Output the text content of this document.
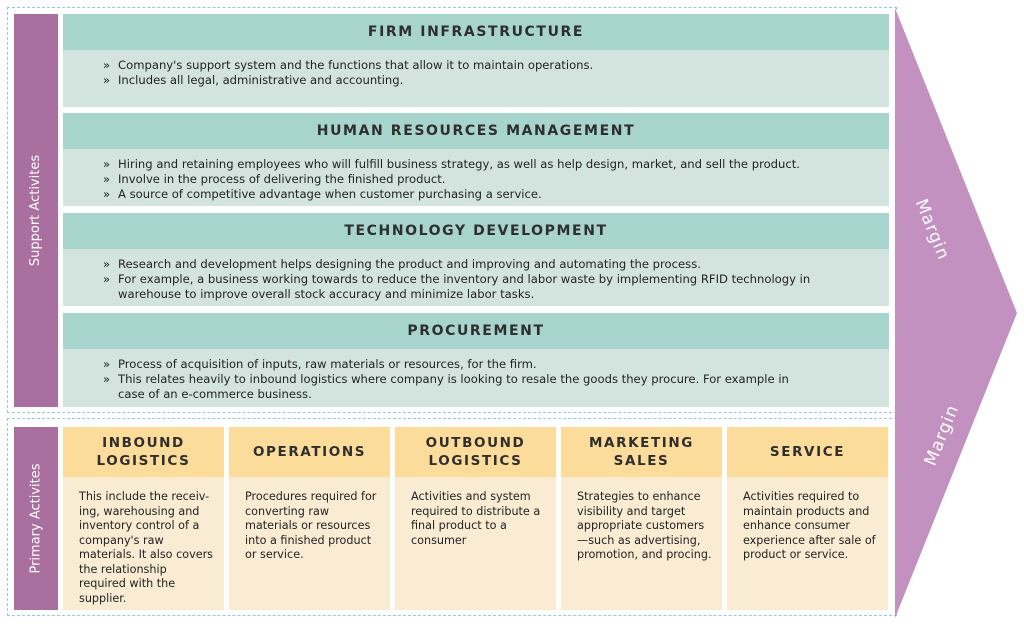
Margin
Margin
Support Activites
FIRM INFRASTRUCTURE
» Company's support system and the functions that allow it to maintain operations.
» Includes all legal, administrative and accounting.
HUMAN RESOURCES MANAGEMENT
» Hiring and retaining employees who will fulfill business strategy, as well as help design, market, and sell the product.
» Involve in the process of delivering the finished product.
» A source of competitive advantage when customer purchasing a service.
TECHNOLOGY DEVELOPMENT
» Research and development helps designing the product and improving and automating the process.
» For example, a business working towards to reduce the inventory and labor waste by implementing RFID technology in warehouse to improve overall stock accuracy and minimize labor tasks.
PROCUREMENT
» Process of acquisition of inputs, raw materials or resources, for the firm.
» This relates heavily to inbound logistics where company is looking to resale the goods they procure. For example in case of an e-commerce business.
Primary Activites
INBOUND
LOGISTICS
This include the receiv-ing, warehousing and inventory control of a company's raw materials. It also covers the relationship required with the supplier.
OPERATIONS
Procedures required for converting raw materials or resources into a finished product or service.
OUTBOUND
LOGISTICS
Activities and system required to distribute a final product to a consumer
MARKETING
SALES
Strategies to enhance visibility and target appropriate customers—such as advertising, promotion, and procing.
SERVICE
Activities required to maintain products and enhance consumer experience after sale of product or service.
